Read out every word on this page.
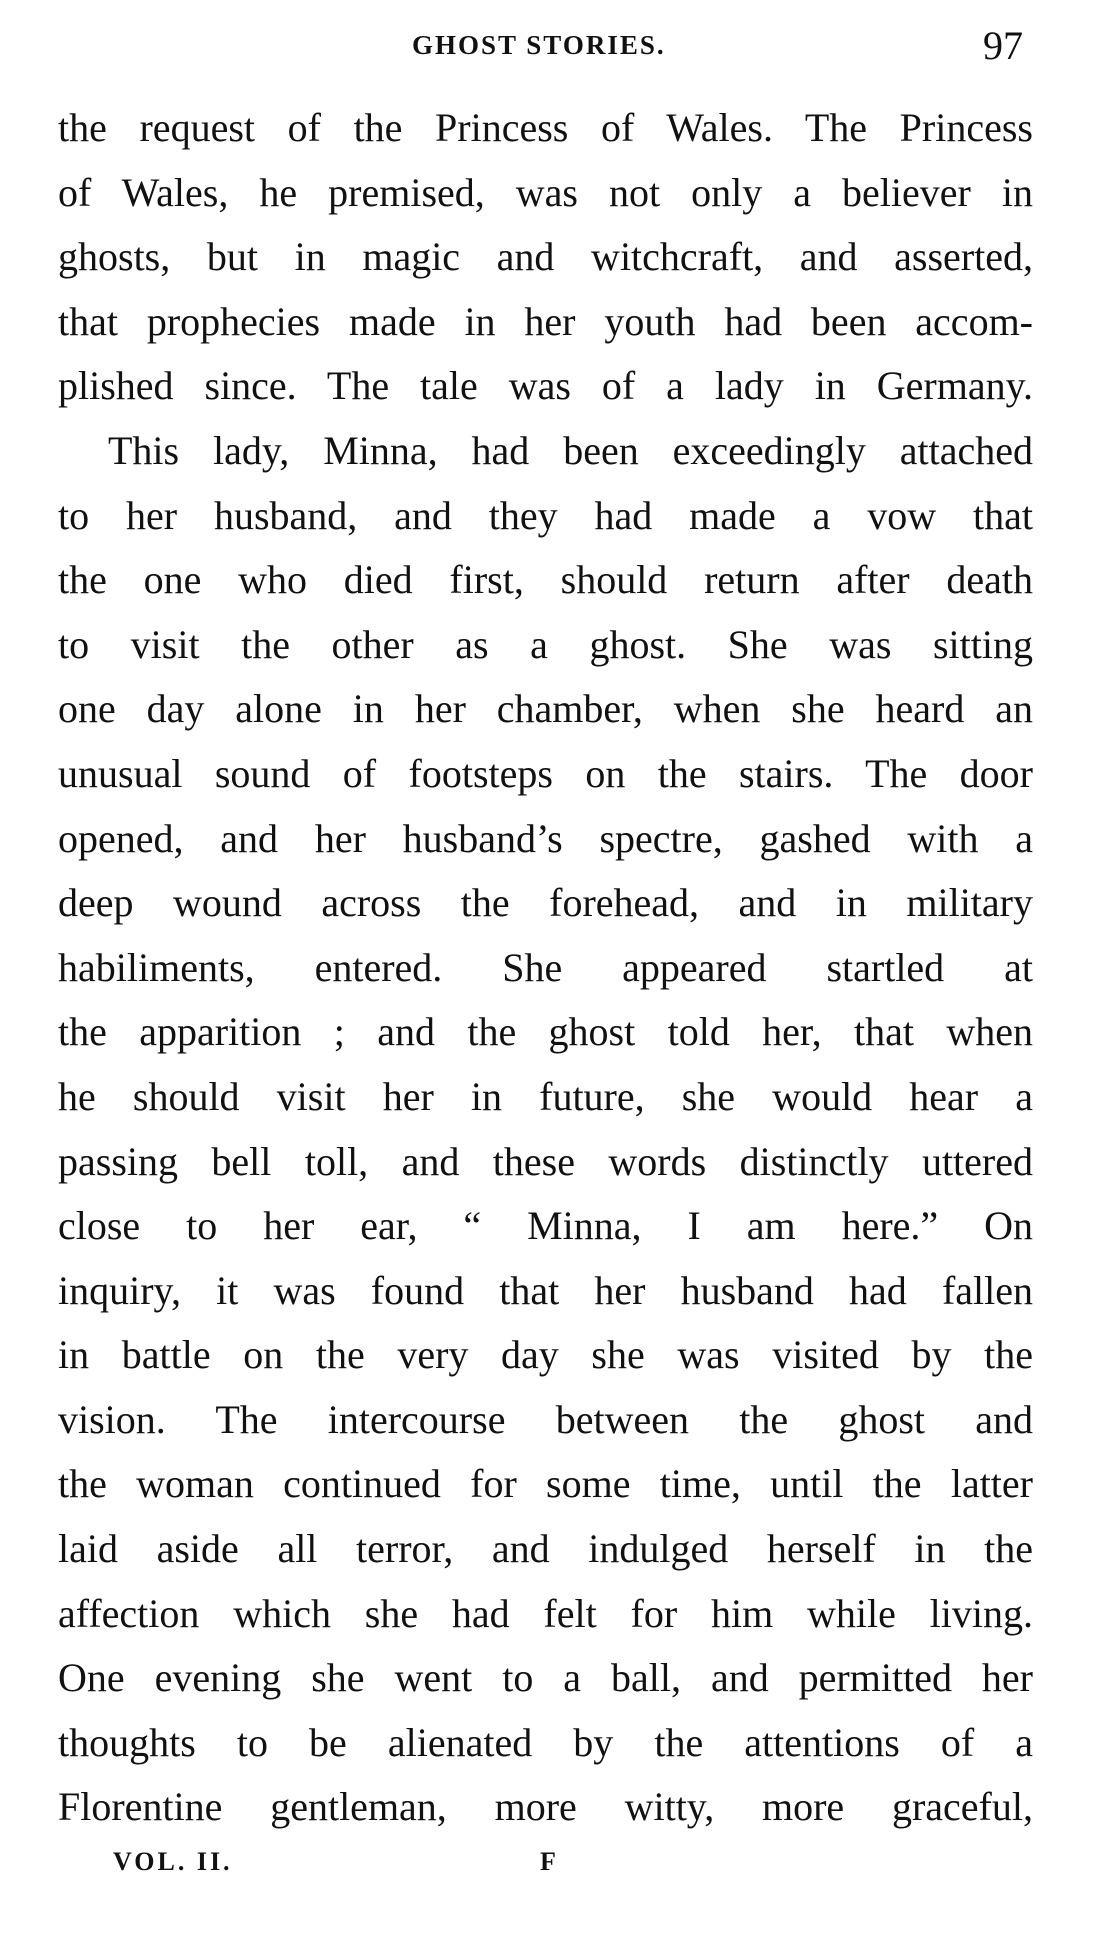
GHOST STORIES.	97
the request of the Princess of Wales. The Princess
of Wales, he premised, was not only a believer in
ghosts, but in magic and witchcraft, and asserted,
that prophecies made in her youth had been accom-
plished since. The tale was of a lady in Germany.
This lady, Minna, had been exceedingly attached
to her husband, and they had made a vow that
the one who died first, should return after death
to visit the other as a ghost. She was sitting
one day alone in her chamber, when she heard an
unusual sound of footsteps on the stairs. The door
opened, and her husband’s spectre, gashed with a
deep wound across the forehead, and in military
habiliments, entered. She appeared startled at
the apparition ; and the ghost told her, that when
he should visit her in future, she would hear a
passing bell toll, and these words distinctly uttered
close to her ear, “ Minna, I am here.” On
inquiry, it was found that her husband had fallen
in battle on the very day she was visited by the
vision. The intercourse between the ghost and
the woman continued for some time, until the latter
laid aside all terror, and indulged herself in the
affection which she had felt for him while living.
One evening she went to a ball, and permitted her
thoughts to be alienated by the attentions of a
Florentine gentleman, more witty, more graceful,
VOL. II.	F
